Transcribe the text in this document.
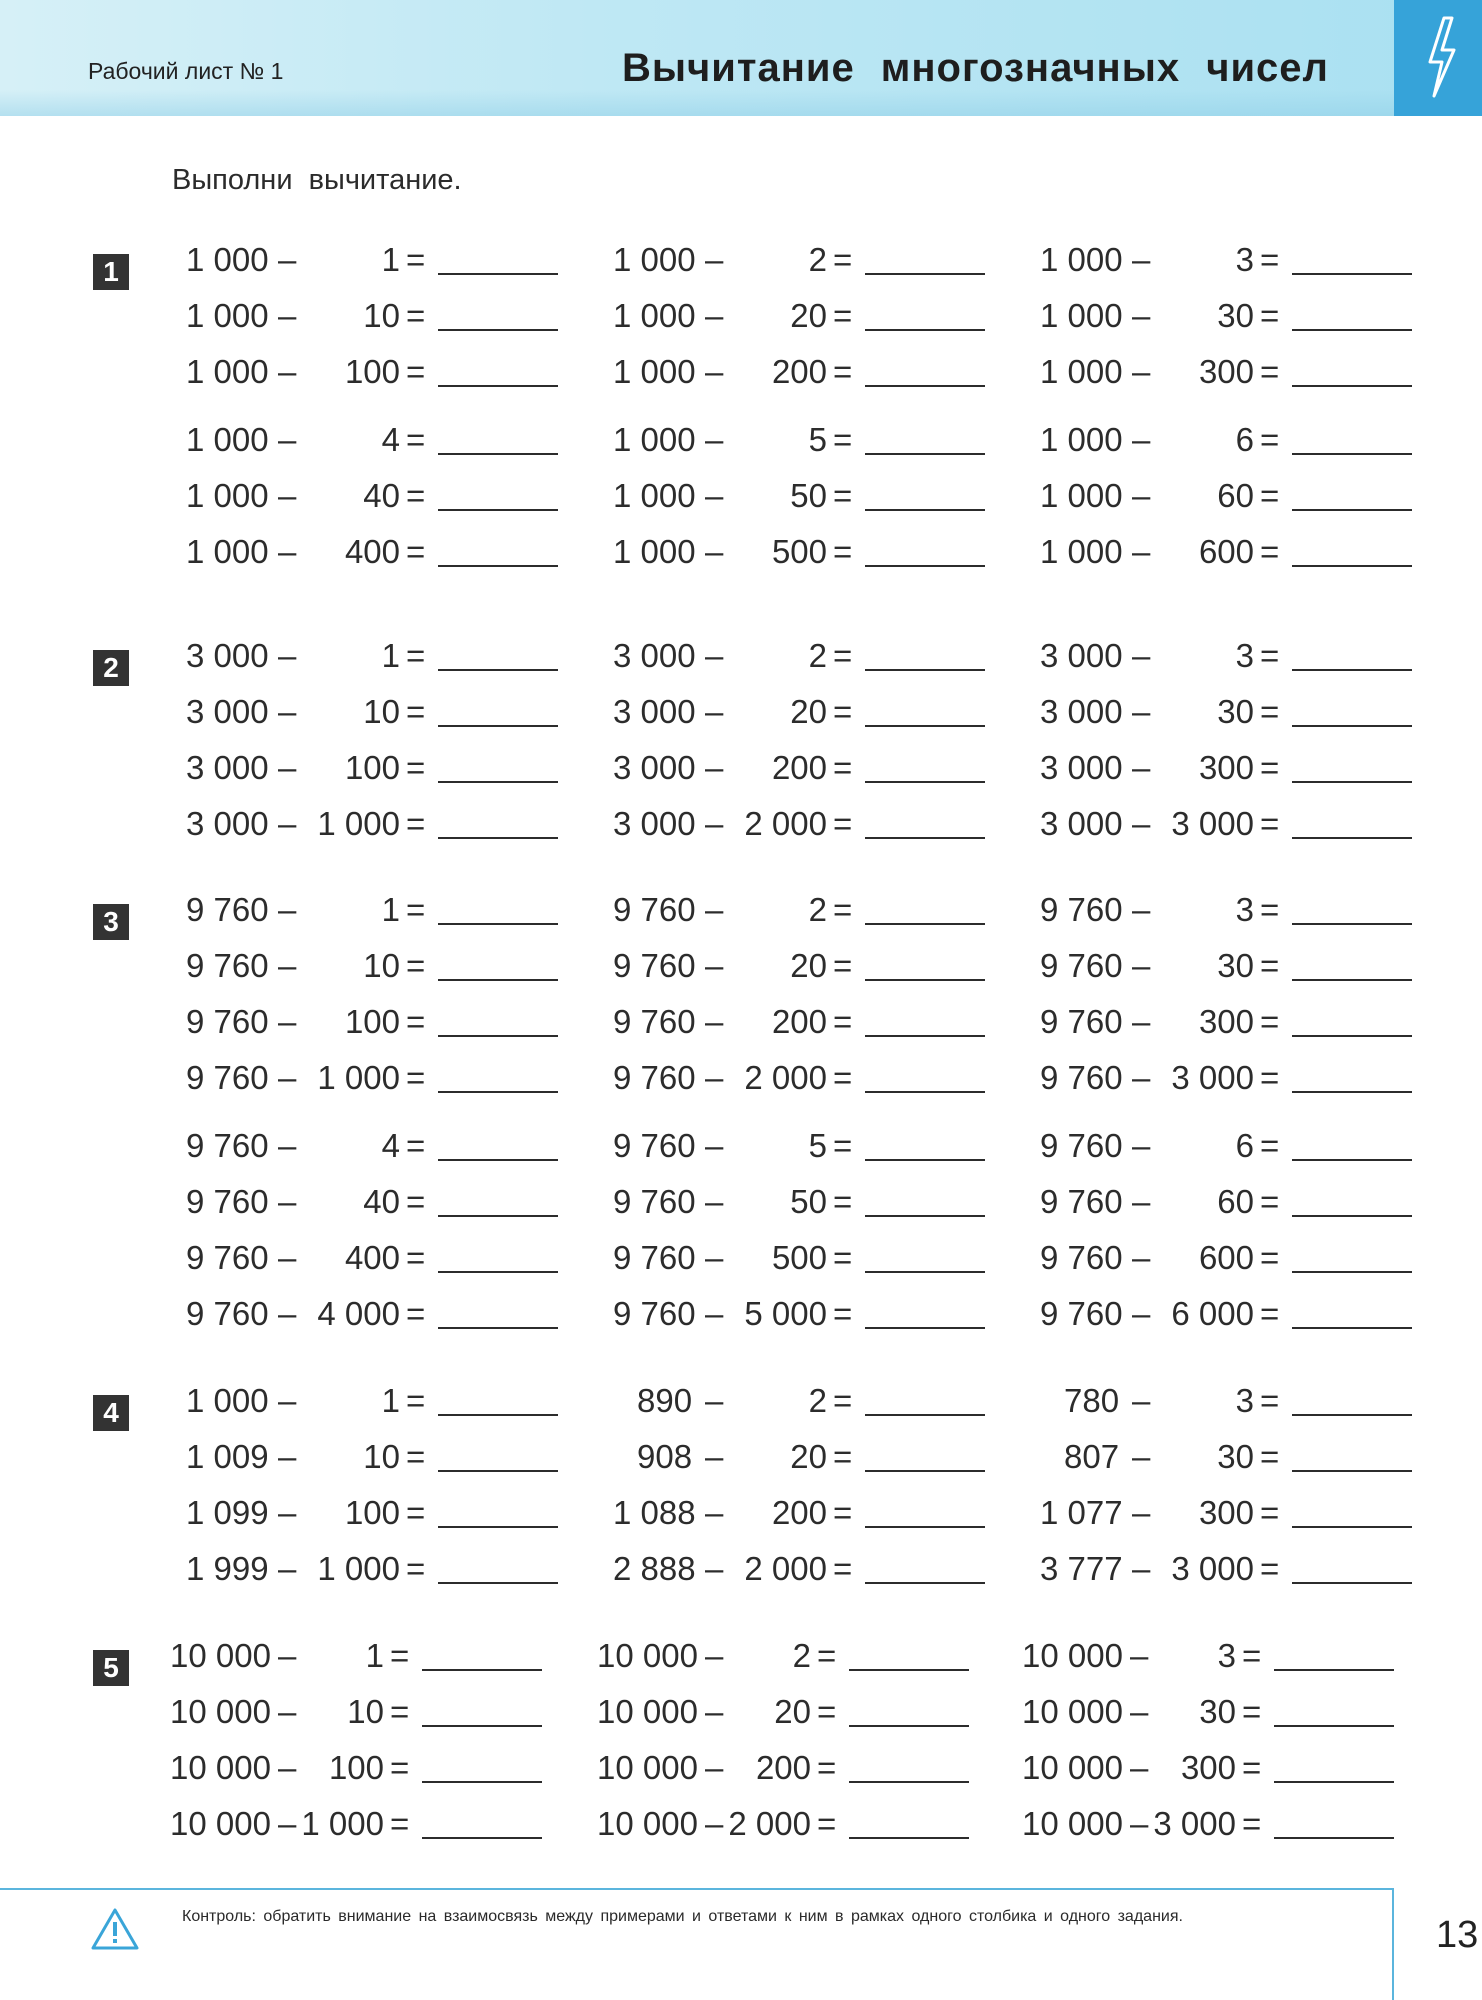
Рабочий лист № 1	Вычитание многозначных чисел
Выполни вычитание.
1	1 000 –	1 =	1 000 –	2 =	1 000 –	3 =
1 000 –	10 =	1 000 –	20 =	1 000 –	30 =
1 000 –	100 =	1 000 –	200 =	1 000 –	300 =
1 000 –	4 =	1 000 –	5 =	1 000 –	6 =
1 000 –	40 =	1 000 –	50 =	1 000 –	60 =
1 000 –	400 =	1 000 –	500 =	1 000 –	600 =
2	3 000 –	1 =	3 000 –	2 =	3 000 –	3 =
3 000 –	10 =	3 000 –	20 =	3 000 –	30 =
3 000 –	100 =	3 000 –	200 =	3 000 –	300 =
3 000 – 1 000 =	3 000 – 2 000 =	3 000 – 3 000 =
3	9 760 –	1 =	9 760 –	2 =	9 760 –	3 =
9 760 –	10 =	9 760 –	20 =	9 760 –	30 =
9 760 –	100 =	9 760 –	200 =	9 760 –	300 =
9 760 – 1 000 =	9 760 – 2 000 =	9 760 – 3 000 =
9 760 –	4 =	9 760 –	5 =	9 760 –	6 =
9 760 –	40 =	9 760 –	50 =	9 760 –	60 =
9 760 –	400 =	9 760 –	500 =	9 760 –	600 =
9 760 – 4 000 =	9 760 – 5 000 =	9 760 – 6 000 =
4	1 000 –	1 =	890 –	2 =	780 –	3 =
1 009 –	10 =	908 –	20 =	807 –	30 =
1 099 –	100 =	1 088 –	200 =	1 077 –	300 =
1 999 – 1 000 =	2 888 – 2 000 =	3 777 – 3 000 =
5	10 000 –	1 =	10 000 –	2 =	10 000 –	3 =
10 000 –	10 =	10 000 –	20 =	10 000 –	30 =
10 000 – 100 =	10 000 – 200 =	10 000 – 300 =
10 000 – 1 000 =	10 000 – 2 000 =	10 000 – 3 000 =
Контроль: обратить внимание на взаимосвязь между примерами и ответами к ним в рамках одного столбика и одного задания.	13
